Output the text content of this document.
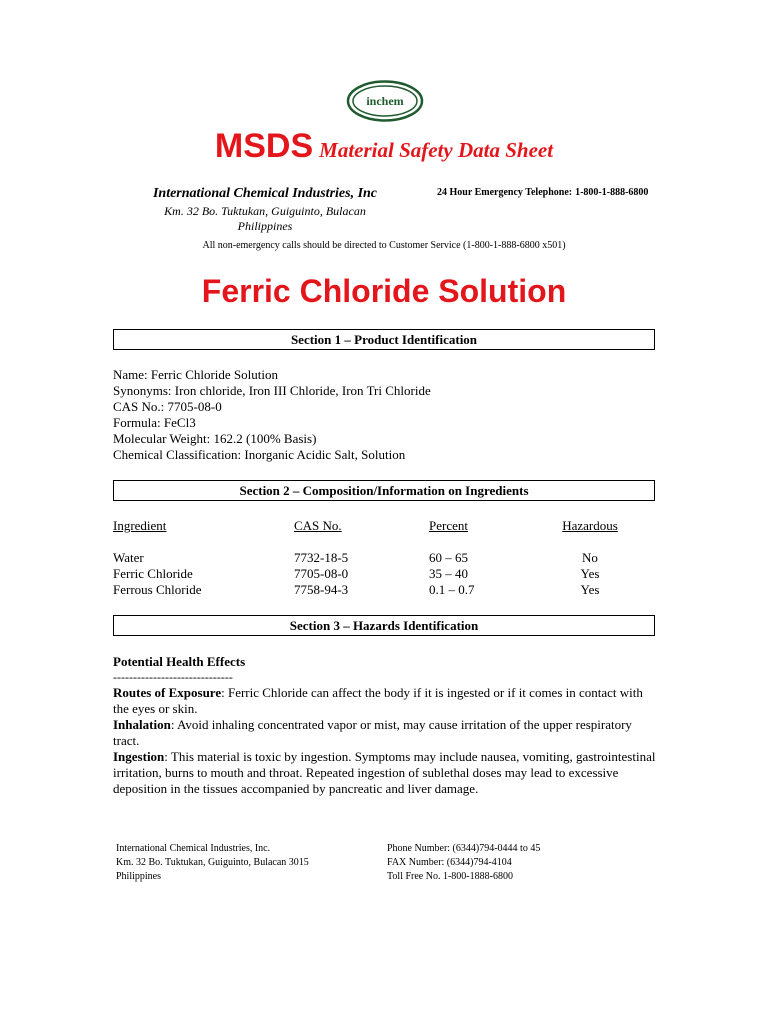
inchem
MSDS Material Safety Data Sheet
International Chemical Industries, Inc
Km. 32 Bo. Tuktukan, Guiguinto, Bulacan
Philippines
24 Hour Emergency Telephone: 1-800-1-888-6800
All non-emergency calls should be directed to Customer Service (1-800-1-888-6800 x501)
Ferric Chloride Solution
Section 1 – Product Identification
Name: Ferric Chloride Solution
Synonyms: Iron chloride, Iron III Chloride, Iron Tri Chloride
CAS No.: 7705-08-0
Formula: FeCl3
Molecular Weight: 162.2 (100% Basis)
Chemical Classification: Inorganic Acidic Salt, Solution
Section 2 – Composition/Information on Ingredients
Ingredient	CAS No.	Percent	Hazardous
Water	7732-18-5	60 – 65	No
Ferric Chloride	7705-08-0	35 – 40	Yes
Ferrous Chloride	7758-94-3	0.1 – 0.7	Yes
Section 3 – Hazards Identification
Potential Health Effects
------------------------------
Routes of Exposure: Ferric Chloride can affect the body if it is ingested or if it comes in contact with the eyes or skin.
Inhalation: Avoid inhaling concentrated vapor or mist, may cause irritation of the upper respiratory tract.
Ingestion: This material is toxic by ingestion. Symptoms may include nausea, vomiting, gastrointestinal irritation, burns to mouth and throat. Repeated ingestion of sublethal doses may lead to excessive deposition in the tissues accompanied by pancreatic and liver damage.
International Chemical Industries, Inc.
Km. 32 Bo. Tuktukan, Guiguinto, Bulacan 3015
Philippines
Phone Number: (6344)794-0444 to 45
FAX Number: (6344)794-4104
Toll Free No. 1-800-1888-6800
